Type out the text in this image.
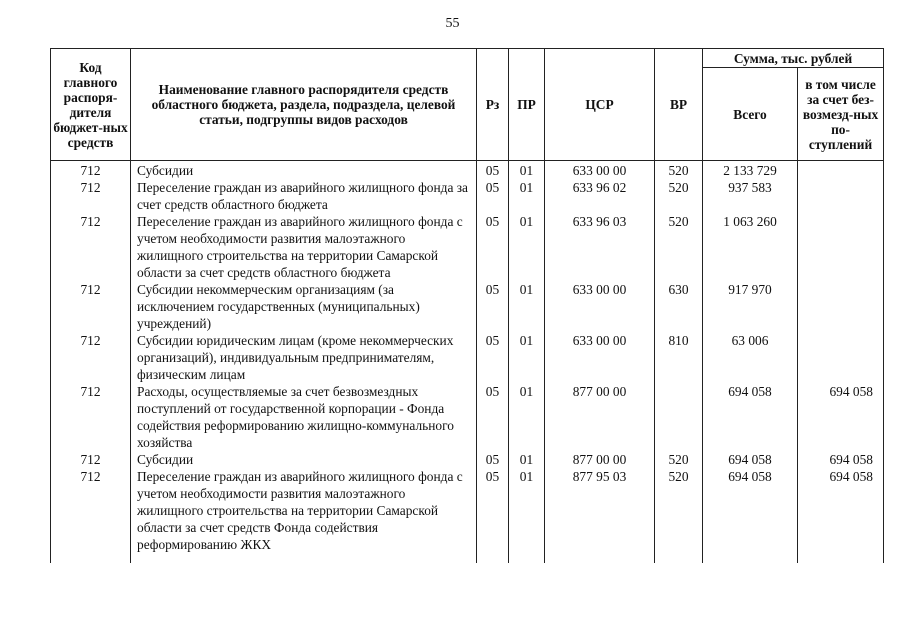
55
Код главного распоря-дителя бюджет-ных средств	Наименование главного распорядителя средств областного бюджета, раздела, подраздела, целевой статьи, подгруппы видов расходов	Рз	ПР	ЦСР	ВР	Сумма, тыс. рублей	
						Всего	в том числе за счет без-возмезд-ных по-ступлений
712	Субсидии	05	01	633 00 00	520	2 133 729	
712	Переселение граждан из аварийного жилищного фонда за счет средств областного бюджета	05	01	633 96 02	520	937 583	
712	Переселение граждан из аварийного жилищного фонда с учетом необходимости развития малоэтажного жилищного строительства на территории Самарской области за счет средств областного бюджета	05	01	633 96 03	520	1 063 260	
712	Субсидии некоммерческим организациям (за исключением государственных (муниципальных) учреждений)	05	01	633 00 00	630	917 970	
712	Субсидии юридическим лицам (кроме некоммерческих организаций), индивидуальным предпринимателям, физическим лицам	05	01	633 00 00	810	63 006	
712	Расходы, осуществляемые за счет безвозмездных поступлений от государственной корпорации - Фонда содействия реформированию жилищно-коммунального хозяйства	05	01	877 00 00		694 058	694 058
712	Субсидии	05	01	877 00 00	520	694 058	694 058
712	Переселение граждан из аварийного жилищного фонда с учетом необходимости развития малоэтажного жилищного строительства на территории Самарской области за счет средств Фонда содействия реформированию ЖКХ	05	01	877 95 03	520	694 058	694 058
